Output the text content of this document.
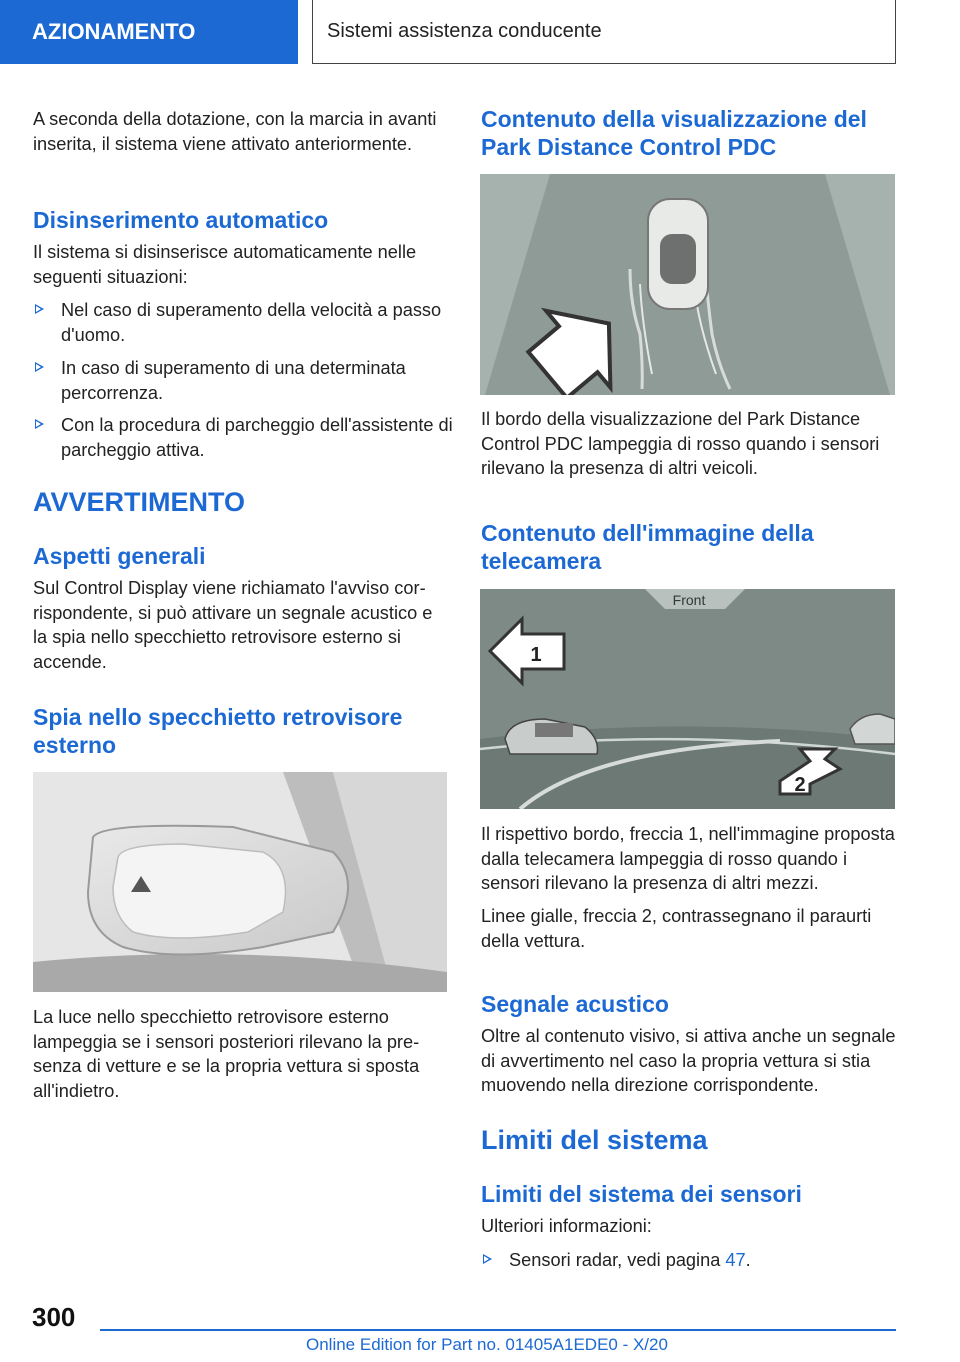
AZIONAMENTO	Sistemi assistenza conducente

A seconda della dotazione, con la marcia in avanti inserita, il sistema viene attivato anteriormente.

Disinserimento automatico

Il sistema si disinserisce automaticamente nelle seguenti situazioni:

Nel caso di superamento della velocità a passo d'uomo.
In caso di superamento di una determinata percorrenza.
Con la procedura di parcheggio dell'assistente di parcheggio attiva.
AVVERTIMENTO
Aspetti generali

Sul Control Display viene richiamato l'avviso corrispondente, si può attivare un segnale acustico e la spia nello specchietto retrovisore esterno si accende.

Spia nello specchietto retrovisore esterno

La luce nello specchietto retrovisore esterno lampeggia se i sensori posteriori rilevano la presenza di vetture e se la propria vettura si sposta all'indietro.

Contenuto della visualizzazione del Park Distance Control PDC

Il bordo della visualizzazione del Park Distance Control PDC lampeggia di rosso quando i sensori rilevano la presenza di altri veicoli.

Contenuto dell'immagine della telecamera
Front
1
2

Il rispettivo bordo, freccia 1, nell'immagine proposta dalla telecamera lampeggia di rosso quando i sensori rilevano la presenza di altri mezzi.

Linee gialle, freccia 2, contrassegnano il paraurti della vettura.

Segnale acustico

Oltre al contenuto visivo, si attiva anche un segnale di avvertimento nel caso la propria vettura si stia muovendo nella direzione corrispondente.

Limiti del sistema
Limiti del sistema dei sensori

Ulteriori informazioni:

Sensori radar, vedi pagina 47.
300
Online Edition for Part no. 01405A1EDE0 - X/20
